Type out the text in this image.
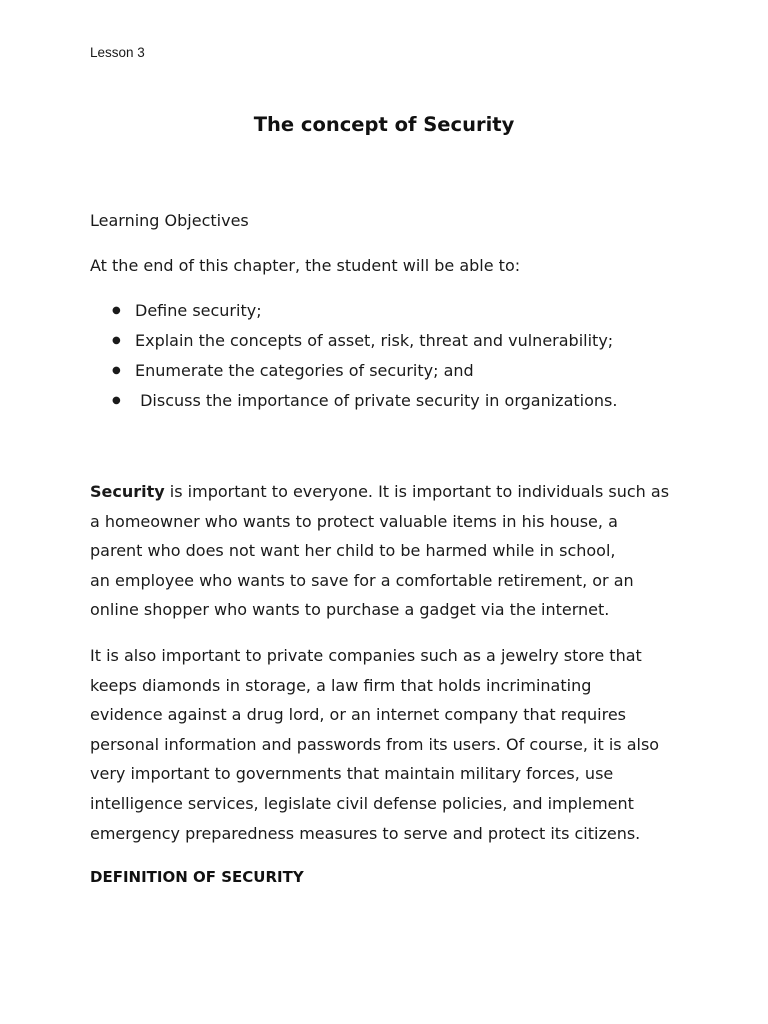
Lesson 3
The concept of Security
Learning Objectives
At the end of this chapter, the student will be able to:
● Define security;
● Explain the concepts of asset, risk, threat and vulnerability;
● Enumerate the categories of security; and
● Discuss the importance of private security in organizations.
Security is important to everyone. It is important to individuals such as
a homeowner who wants to protect valuable items in his house, a
parent who does not want her child to be harmed while in school,
an employee who wants to save for a comfortable retirement, or an
online shopper who wants to purchase a gadget via the internet.
It is also important to private companies such as a jewelry store that
keeps diamonds in storage, a law firm that holds incriminating
evidence against a drug lord, or an internet company that requires
personal information and passwords from its users. Of course, it is also
very important to governments that maintain military forces, use
intelligence services, legislate civil defense policies, and implement
emergency preparedness measures to serve and protect its citizens.
DEFINITION OF SECURITY
